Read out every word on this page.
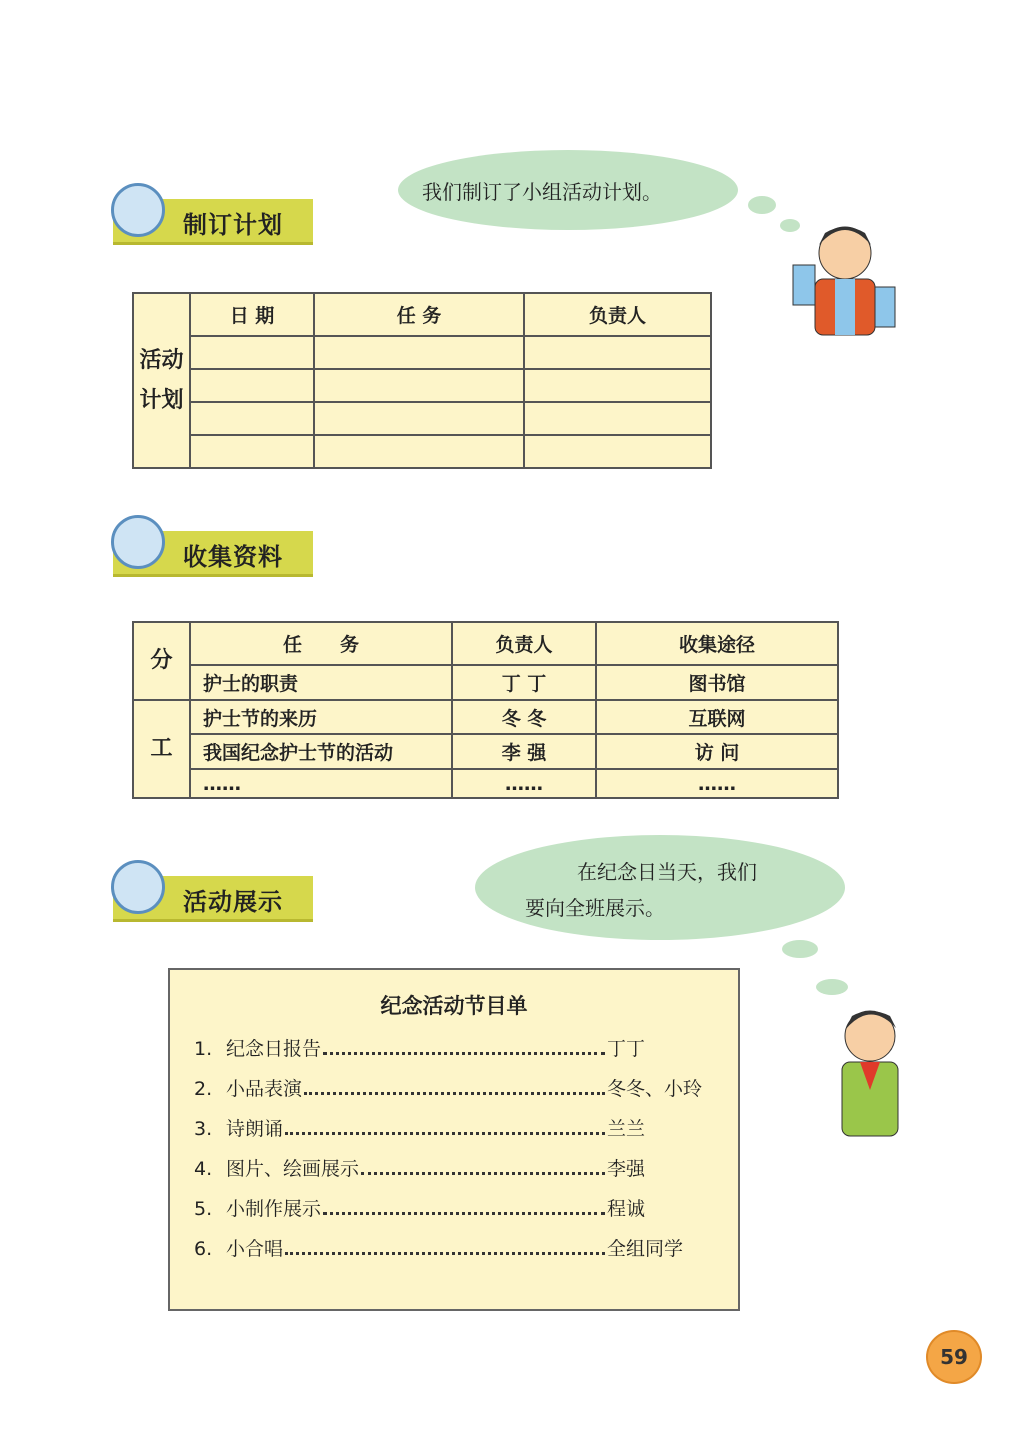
制订计划
我们制订了小组活动计划。
活动计划	日 期	任 务	负责人

收集资料
分	任　　务	负责人	收集途径
	护士的职责	丁 丁	图书馆
工	护士节的来历	冬 冬	互联网
	我国纪念护士节的活动	李 强	访 问
	……	……	……
活动展示
在纪念日当天，我们
要向全班展示。
纪念活动节目单
1. 纪念日报告	丁丁
2. 小品表演	冬冬、小玲
3. 诗朗诵	兰兰
4. 图片、绘画展示	李强
5. 小制作展示	程诚
6. 小合唱	全组同学
59
